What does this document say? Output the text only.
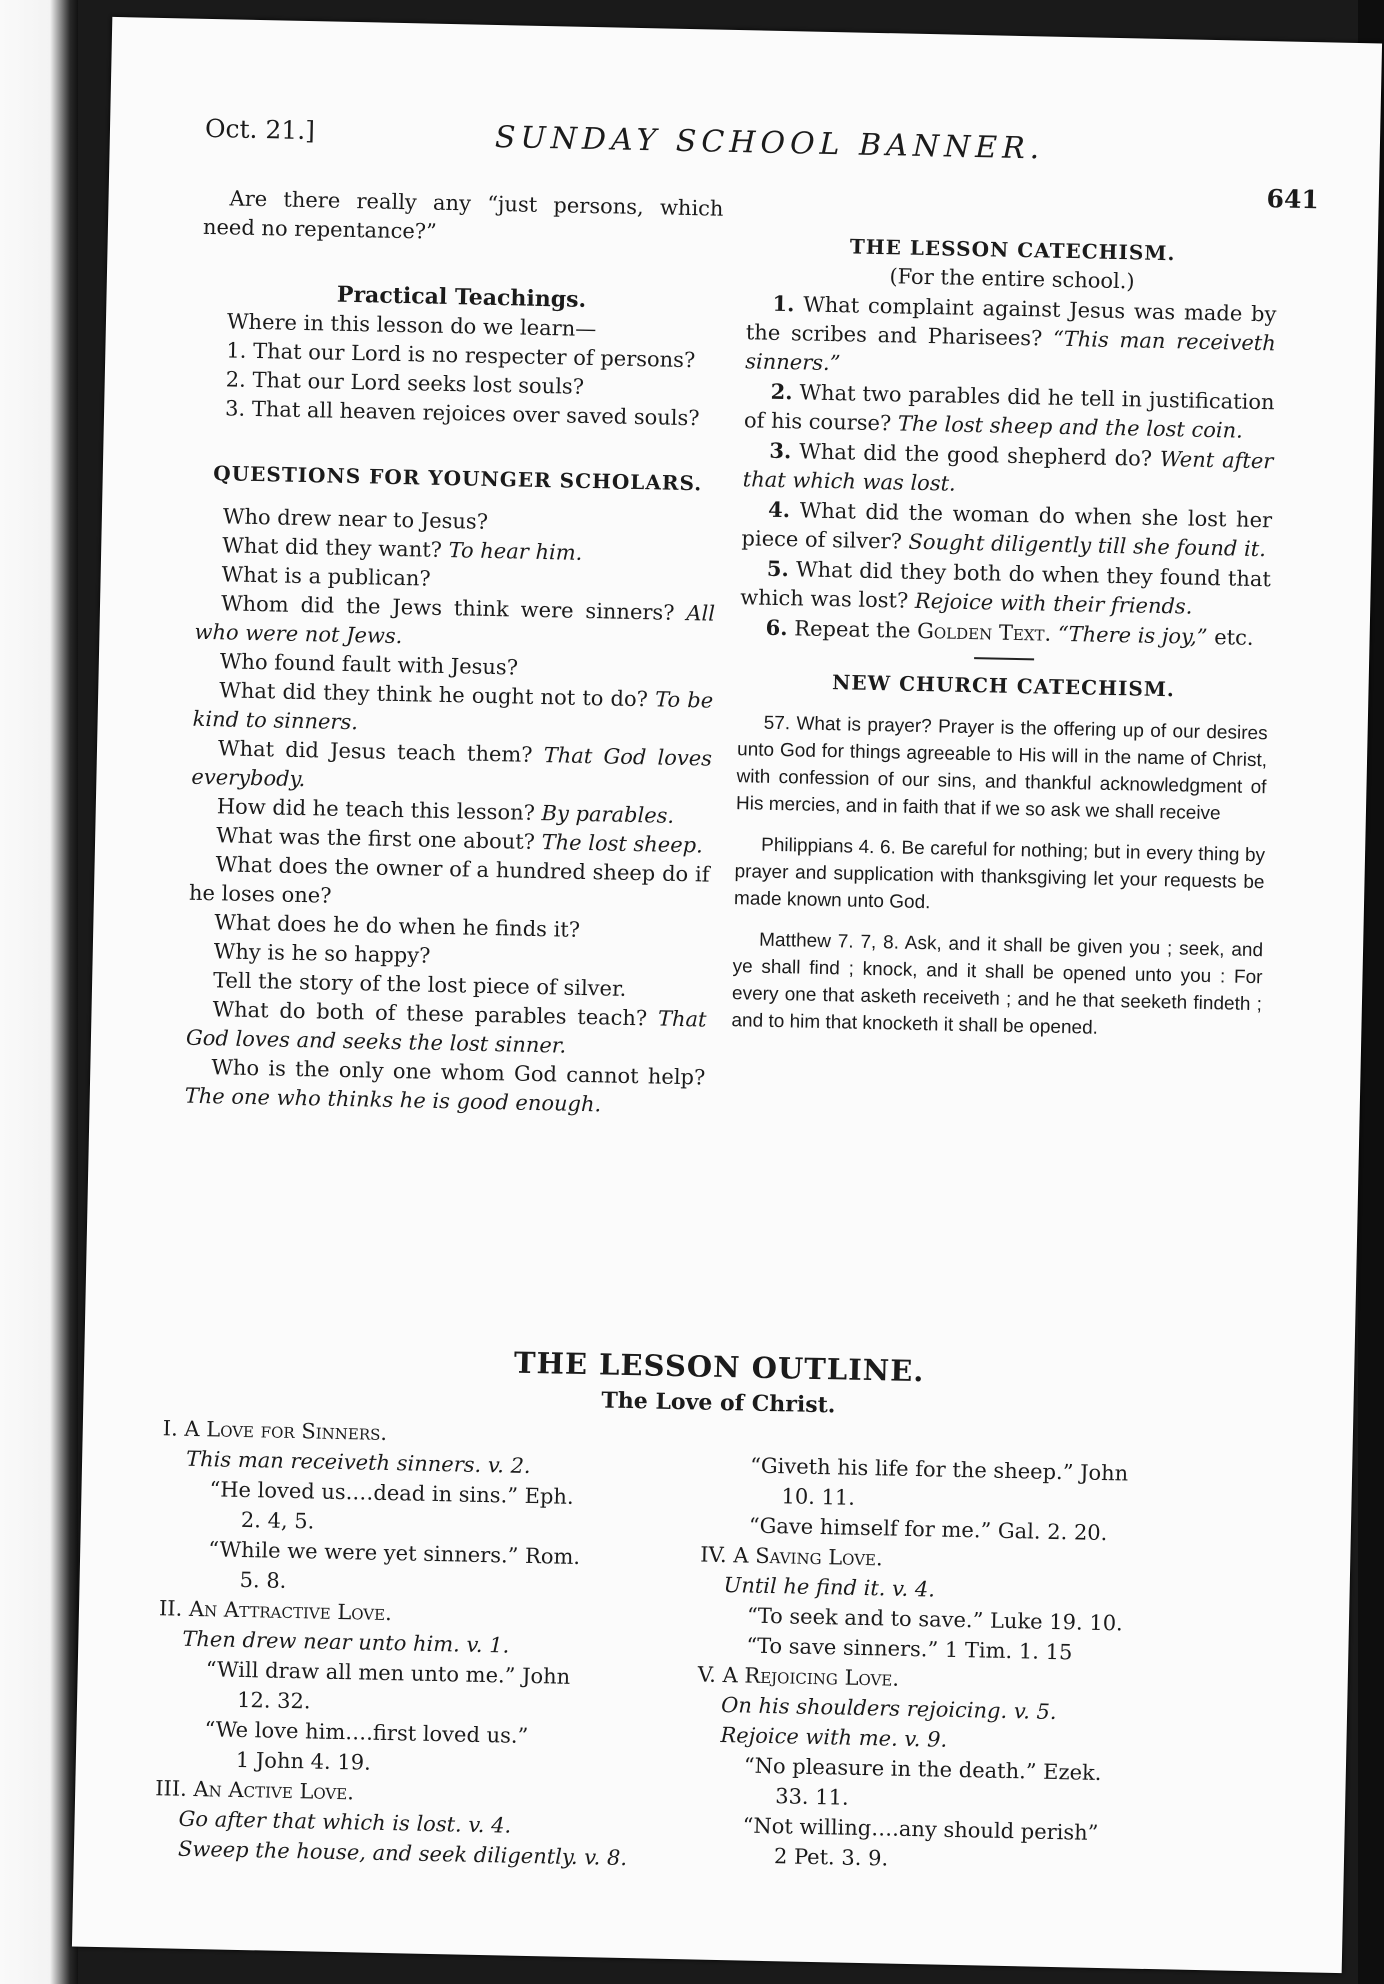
Oct. 21.]	SUNDAY SCHOOL BANNER.
641

Are there really any “just persons, which need no repentance?”

Practical Teachings.

Where in this lesson do we learn—

1. That our Lord is no respecter of persons?

2. That our Lord seeks lost souls?

3. That all heaven rejoices over saved souls?

QUESTIONS FOR YOUNGER SCHOLARS.

Who drew near to Jesus?

What did they want? To hear him.

What is a publican?

Whom did the Jews think were sinners? All who were not Jews.

Who found fault with Jesus?

What did they think he ought not to do? To be kind to sinners.

What did Jesus teach them? That God loves everybody.

How did he teach this lesson? By parables.

What was the first one about? The lost sheep.

What does the owner of a hundred sheep do if he loses one?

What does he do when he finds it?

Why is he so happy?

Tell the story of the lost piece of silver.

What do both of these parables teach? That God loves and seeks the lost sinner.

Who is the only one whom God cannot help? The one who thinks he is good enough.

THE LESSON CATECHISM.

(For the entire school.)

1. What complaint against Jesus was made by the scribes and Pharisees? “This man receiveth sinners.”

2. What two parables did he tell in justification of his course? The lost sheep and the lost coin.

3. What did the good shepherd do? Went after that which was lost.

4. What did the woman do when she lost her piece of silver? Sought diligently till she found it.

5. What did they both do when they found that which was lost? Rejoice with their friends.

6. Repeat the Golden Text. “There is joy,” etc.

NEW CHURCH CATECHISM.

57. What is prayer? Prayer is the offering up of our desires unto God for things agreeable to His will in the name of Christ, with confession of our sins, and thankful acknowledgment of His mercies, and in faith that if we so ask we shall receive

Philippians 4. 6. Be careful for nothing; but in every thing by prayer and supplication with thanksgiving let your requests be made known unto God.

Matthew 7. 7, 8. Ask, and it shall be given you ; seek, and ye shall find ; knock, and it shall be opened unto you : For every one that asketh receiveth ; and he that seeketh findeth ; and to him that knocketh it shall be opened.

THE LESSON OUTLINE.
The Love of Christ.
I. A Love for Sinners.
This man receiveth sinners. v. 2.
“He loved us.…dead in sins.” Eph.
2. 4, 5.
“While we were yet sinners.” Rom.
5. 8.
II. An Attractive Love.
Then drew near unto him. v. 1.
“Will draw all men unto me.” John
12. 32.
“We love him….first loved us.”
1 John 4. 19.
III. An Active Love.
Go after that which is lost. v. 4.
Sweep the house, and seek diligently. v. 8.
“Giveth his life for the sheep.” John
10. 11.
“Gave himself for me.” Gal. 2. 20.
IV. A Saving Love.
Until he find it. v. 4.
“To seek and to save.” Luke 19. 10.
“To save sinners.” 1 Tim. 1. 15
V. A Rejoicing Love.
On his shoulders rejoicing. v. 5.
Rejoice with me. v. 9.
“No pleasure in the death.” Ezek.
33. 11.
“Not willing….any should perish”
2 Pet. 3. 9.
